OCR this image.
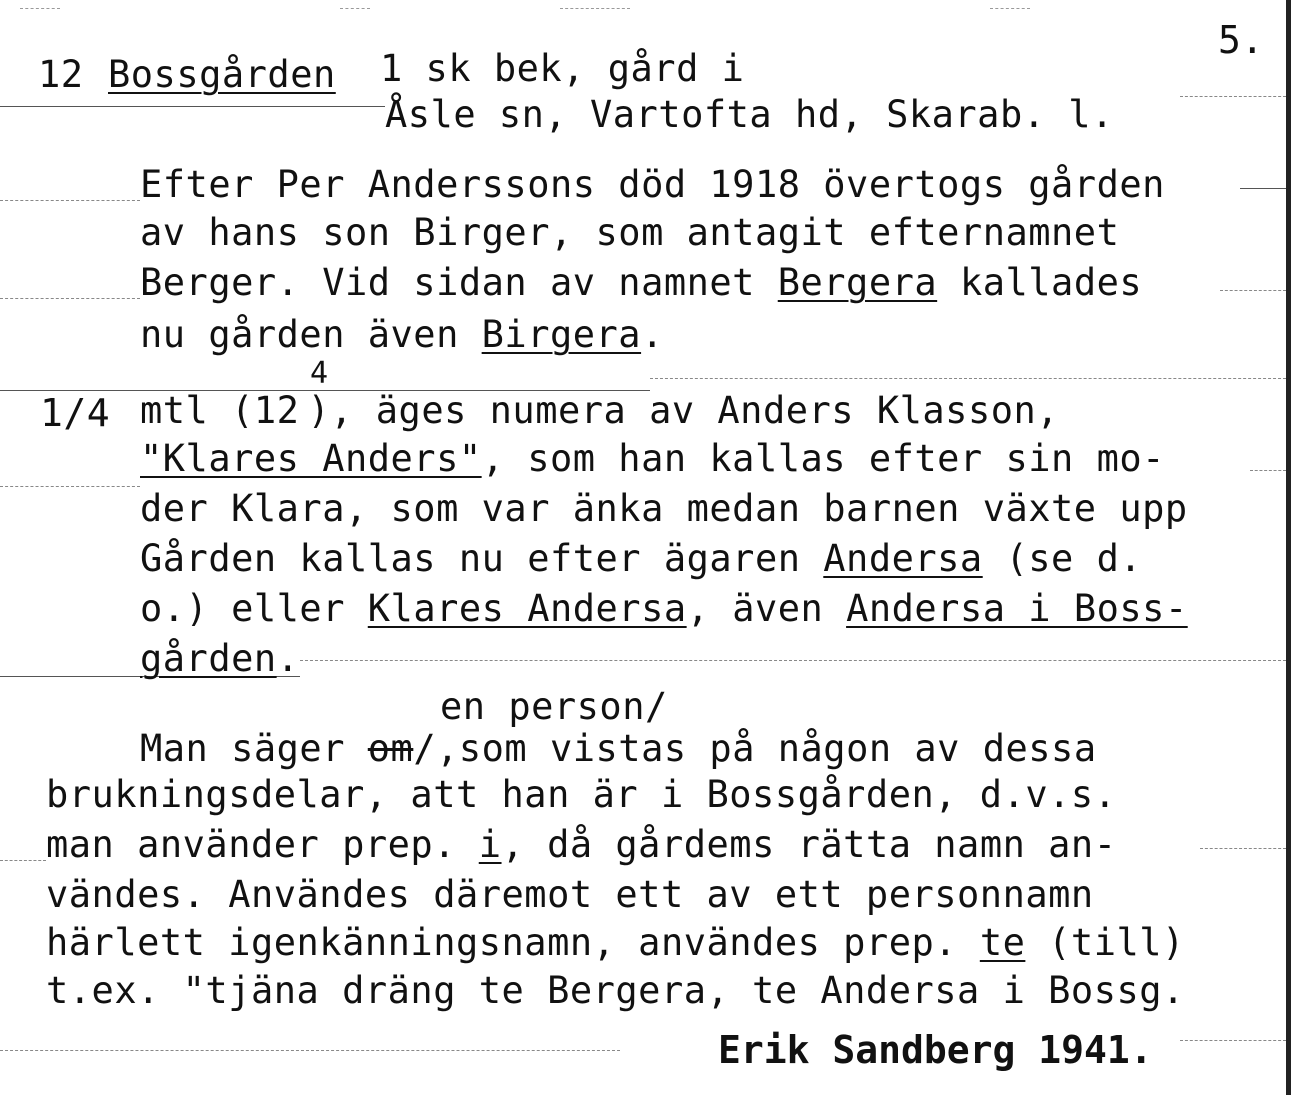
5.
12 Bossgården 1 sk bek, gård i
Åsle sn, Vartofta hd, Skarab. l.
Efter Per Anderssons död 1918 övertogs gården
av hans son Birger, som antagit efternamnet
Berger. Vid sidan av namnet Bergera kallades
nu gården även Birgera.
1/4
4
mtl (12 ), äges numera av Anders Klasson,
"Klares Anders", som han kallas efter sin mo-
der Klara, som var änka medan barnen växte upp
Gården kallas nu efter ägaren Andersa (se d.
o.) eller Klares Andersa, även Andersa i Boss-
gården.
en person/
Man säger om/,som vistas på någon av dessa
brukningsdelar, att han är i Bossgården, d.v.s.
man använder prep. i, då gårdems rätta namn an-
vändes. Användes däremot ett av ett personnamn
härlett igenkänningsnamn, användes prep. te (till)
t.ex. "tjäna dräng te Bergera, te Andersa i Bossg.
Erik Sandberg 1941.
